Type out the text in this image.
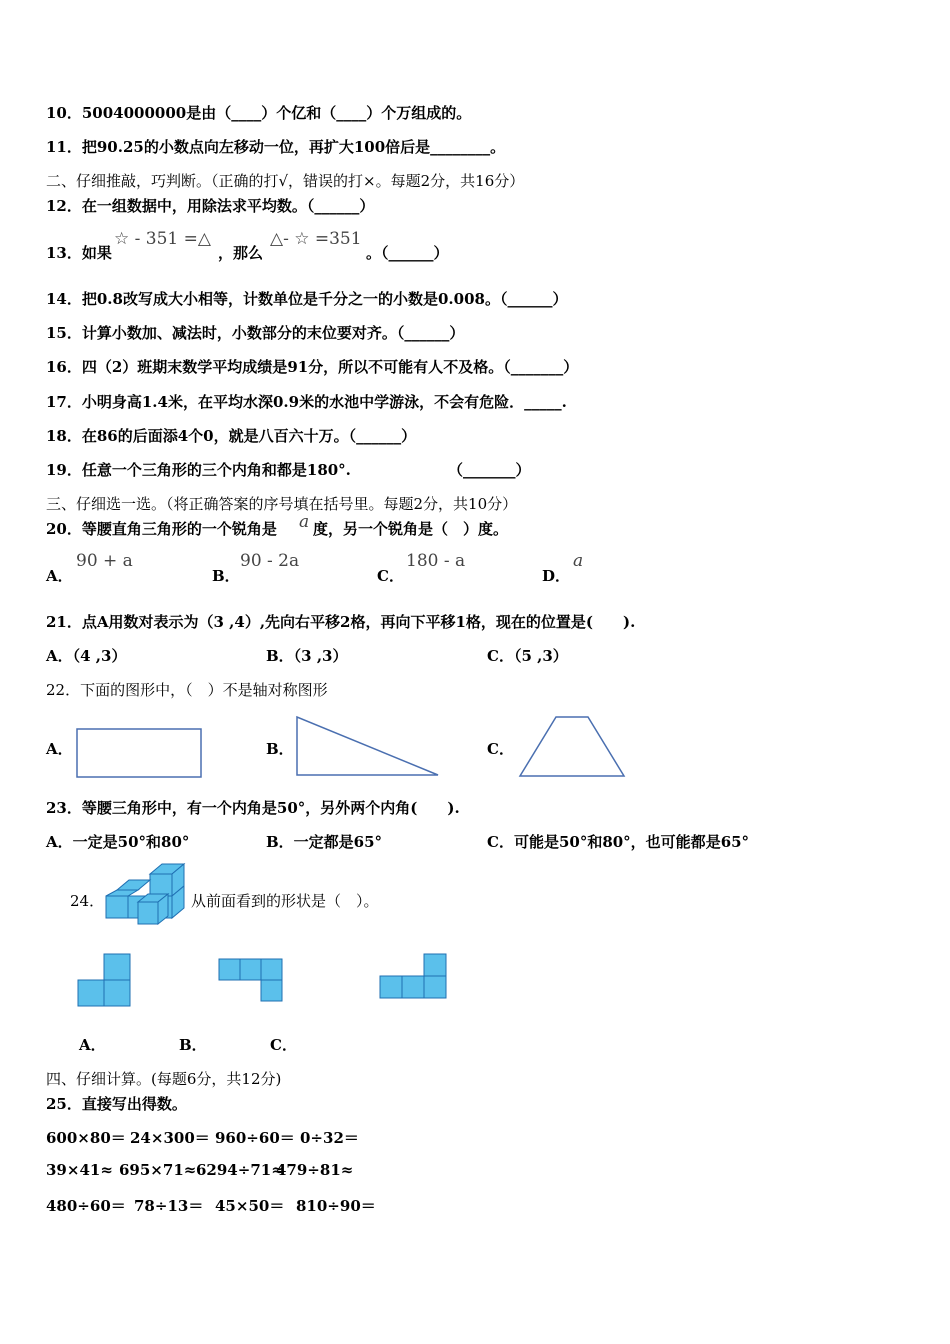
10．5004000000是由（____）个亿和（____）个万组成的。
11．把90.25的小数点向左移动一位，再扩大100倍后是________。
二、仔细推敲，巧判断。（正确的打√，错误的打×。每题2分，共16分）
12．在一组数据中，用除法求平均数。（______）
13．如果
☆ - 351 =△
，那么
△- ☆ =351
。（______）
14．把0.8改写成大小相等，计数单位是千分之一的小数是0.008。（______）
15．计算小数加、减法时，小数部分的末位要对齐。（______）
16．四（2）班期末数学平均成绩是91分，所以不可能有人不及格。（_______）
17．小明身高1.4米，在平均水深0.9米的水池中学游泳，不会有危险．_____.
18．在86的后面添4个0，就是八百六十万。（______）
19．任意一个三角形的三个内角和都是180°.	（_______）
三、仔细选一选。（将正确答案的序号填在括号里。每题2分，共10分）
20．等腰直角三角形的一个锐角是 a 度，另一个锐角是（　）度。
A．
90 + a
B．
90 - 2a
C．
180 - a
D．
a
21．点A用数对表示为（3 ,4）,先向右平移2格，再向下平移1格，现在的位置是(　　).
A．（4 ,3）	B．（3 ,3）	C．（5 ,3）
22．下面的图形中，（　）不是轴对称图形
A．	B．	C．
23．等腰三角形中，有一个内角是50°，另外两个内角(　　).
A．一定是50°和80°	B．一定都是65°	C．可能是50°和80°，也可能都是65°
24．	从前面看到的形状是（　）。
A．	B．	C．
四、仔细计算。(每题6分，共12分)
25．直接写出得数。
600×80＝ 24×300＝ 960÷60＝ 0÷32＝
39×41≈ 695×71≈6294÷71≈479÷81≈
480÷60＝ 78÷13＝ 45×50＝ 810÷90＝
